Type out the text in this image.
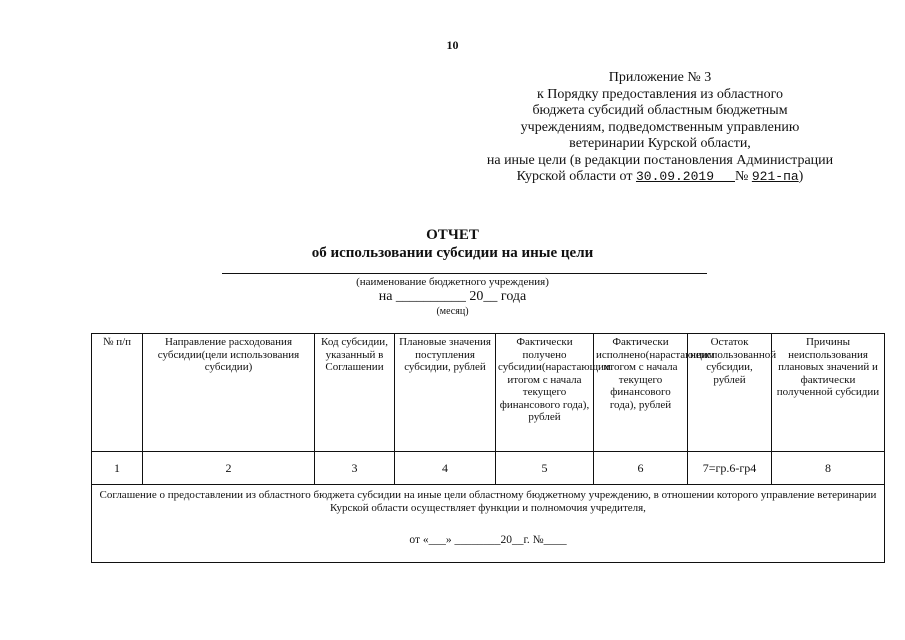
10
Приложение № 3
к Порядку предоставления из областного
бюджета субсидий областным бюджетным
учреждениям, подведомственным управлению
ветеринарии Курской области,
на иные цели (в редакции постановления Администрации
Курской области от 30.09.2019 № 921-па)
ОТЧЕТ
об использовании субсидии на иные цели
(наименование бюджетного учреждения)
на __________ 20__ года
(месяц)
№ п/п	Направление расходования субсидии(цели использования субсидии)	Код субсидии, указанный в Соглашении	Плановые значения поступления субсидии, рублей	Фактически получено субсидии(нарастающим итогом с начала текущего финансового года), рублей	Фактически исполнено(нарастающим итогом с начала текущего финансового года), рублей	Остаток неиспользованной субсидии, рублей	Причины неиспользования плановых значений и фактически полученной субсидии
1	2	3	4	5	6	7=гр.6-гр4	8

Соглашение о предоставлении из областного бюджета субсидии на иные цели областному бюджетному учреждению, в отношении которого управление ветеринарии Курской области осуществляет функции и полномочия учредителя,
от «___» ________20__г. №____							
